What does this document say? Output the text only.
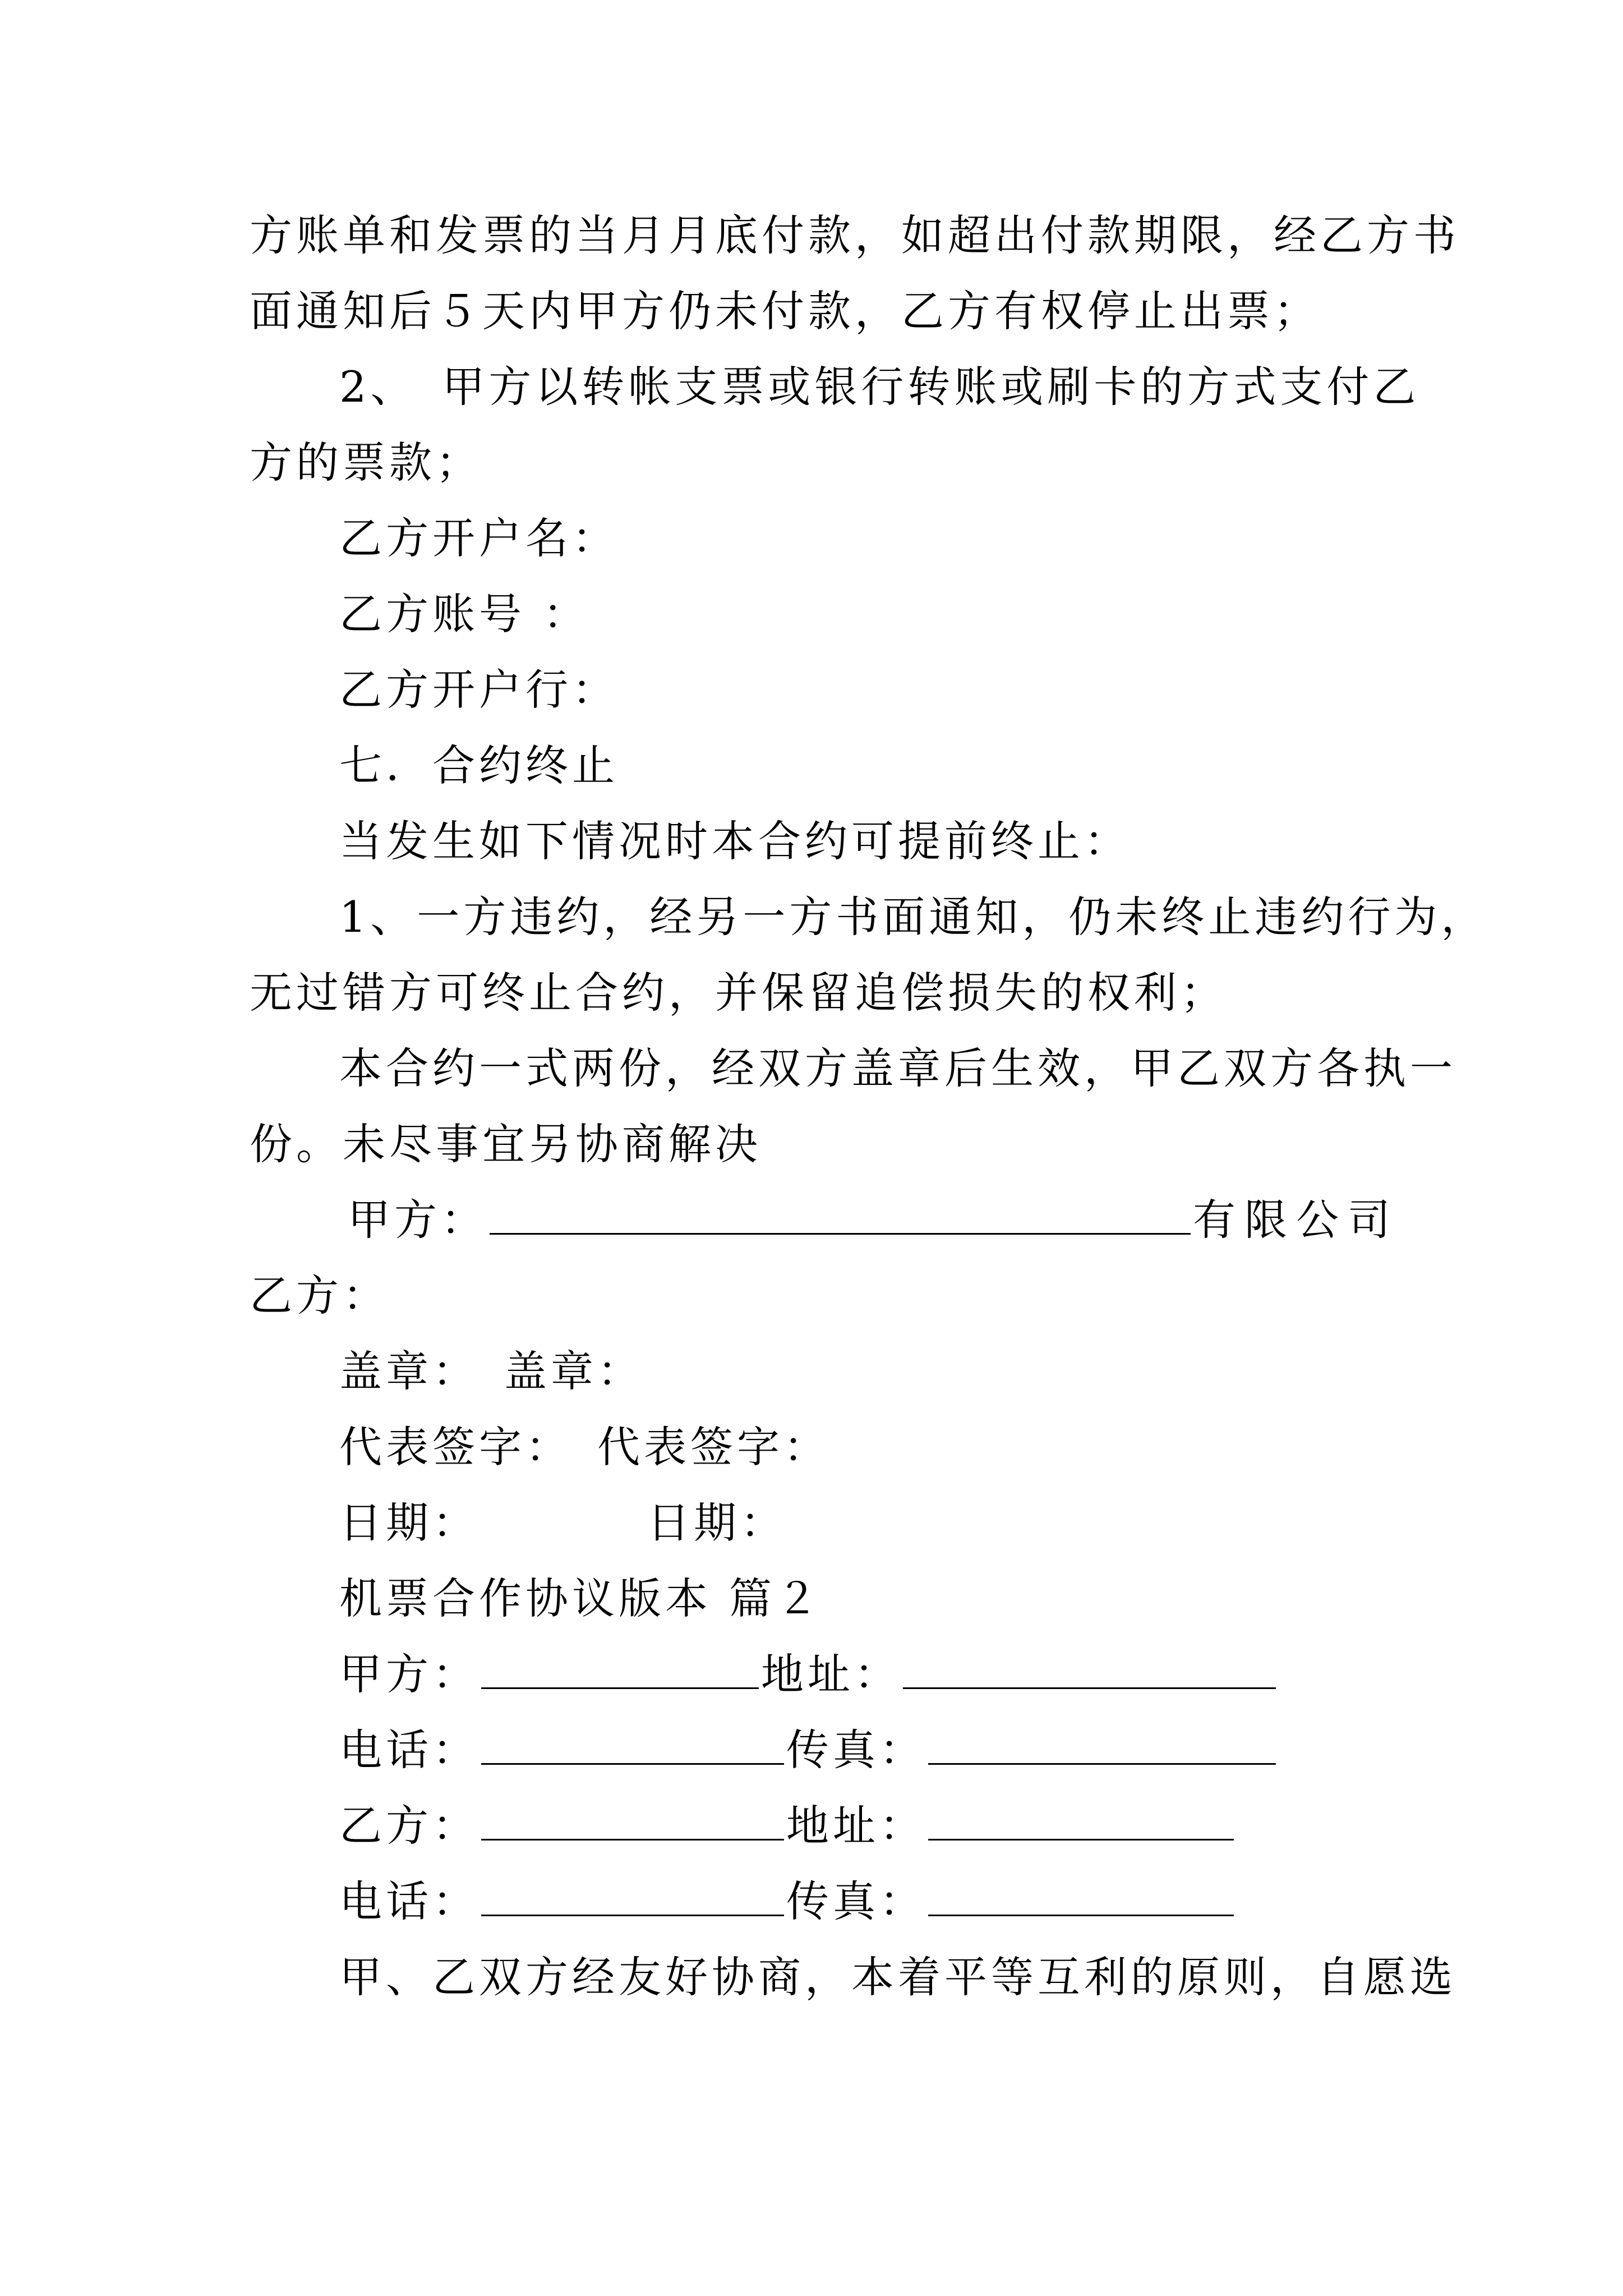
方账单和发票的当月月底付款，如超出付款期限，经乙方书
面通知后５天内甲方仍未付款，乙方有权停止出票；
2、　甲方以转帐支票或银行转账或刷卡的方式支付乙
方的票款；
乙方开户名：
乙方账号 ：
乙方开户行：
七．合约终止
当发生如下情况时本合约可提前终止：
1、一方违约，经另一方书面通知，仍未终止违约行为，
无过错方可终止合约，并保留追偿损失的权利；
本合约一式两份，经双方盖章后生效，甲乙双方各执一
份。未尽事宜另协商解决
甲方：	有限公司
乙方：
盖章：　盖章：
代表签字：　代表签字：
日期：	日期：
机票合作协议版本 篇２
甲方：	地址：
电话：	传真：
乙方：	地址：
电话：	传真：
甲、乙双方经友好协商，本着平等互利的原则，自愿选
